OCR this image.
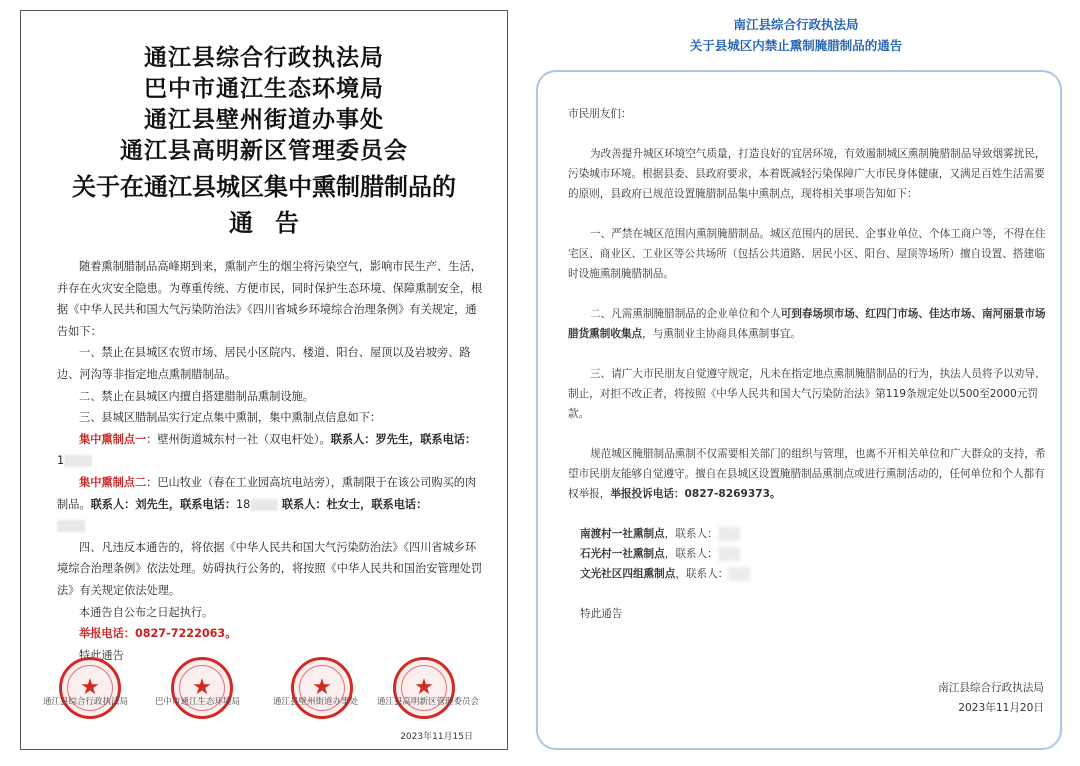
通江县综合行政执法局
巴中市通江生态环境局
通江县壁州街道办事处
通江县高明新区管理委员会
关于在通江县城区集中熏制腊制品的
通告

随着熏制腊制品高峰期到来，熏制产生的烟尘将污染空气，影响市民生产、生活，并存在火灾安全隐患。为尊重传统、方便市民，同时保护生态环境、保障熏制安全，根据《中华人民共和国大气污染防治法》《四川省城乡环境综合治理条例》有关规定，通告如下：

一、禁止在县城区农贸市场、居民小区院内、楼道、阳台、屋顶以及岩坡旁、路边、河沟等非指定地点熏制腊制品。

二、禁止在县城区内擅自搭建腊制品熏制设施。

三、县城区腊制品实行定点集中熏制，集中熏制点信息如下：

集中熏制点一：壁州街道城东村一社（双电杆处）。联系人：罗先生，联系电话：
1

集中熏制点二：巴山牧业（春在工业园高坑电站旁），熏制限于在该公司购买的肉制品。联系人：刘先生，联系电话：18	联系人：杜女士，联系电话：

四、凡违反本通告的，将依据《中华人民共和国大气污染防治法》《四川省城乡环境综合治理条例》依法处理。妨碍执行公务的，将按照《中华人民共和国治安管理处罚法》有关规定依法处理。

本通告自公布之日起执行。

举报电话：0827-7222063。

特此通告

★	★	★	★
通江县综合行政执法局	巴中市通江生态环境局	通江县壁州街道办事处 通江县高明新区管理委员会
2023年11月15日
南江县综合行政执法局
关于县城区内禁止熏制腌腊制品的通告

市民朋友们：

为改善提升城区环境空气质量，打造良好的宜居环境，有效遏制城区熏制腌腊制品导致烟雾扰民，污染城市环境。根据县委、县政府要求，本着既减轻污染保障广大市民身体健康，又满足百姓生活需要的原则，县政府已规范设置腌腊制品集中熏制点，现将相关事项告知如下：

一、严禁在城区范围内熏制腌腊制品。城区范围内的居民、企事业单位、个体工商户等，不得在住宅区、商业区、工业区等公共场所（包括公共道路、居民小区、阳台、屋顶等场所）擅自设置、搭建临时设施熏制腌腊制品。

二、凡需熏制腌腊制品的企业单位和个人可到春场坝市场、红四门市场、佳达市场、南河丽景市场腊货熏制收集点，与熏制业主协商具体熏制事宜。

三、请广大市民朋友自觉遵守规定，凡未在指定地点熏制腌腊制品的行为，执法人员将予以劝导、制止，对拒不改正者，将按照《中华人民共和国大气污染防治法》第119条规定处以500至2000元罚款。

规范城区腌腊制品熏制不仅需要相关部门的组织与管理，也离不开相关单位和广大群众的支持，希望市民朋友能够自觉遵守。擅自在县城区设置腌腊制品熏制点或进行熏制活动的，任何单位和个人都有权举报，举报投诉电话：0827-8269373。

南渡村一社熏制点，联系人：

石光村一社熏制点，联系人：

文光社区四组熏制点，联系人：

特此通告

南江县综合行政执法局
2023年11月20日
